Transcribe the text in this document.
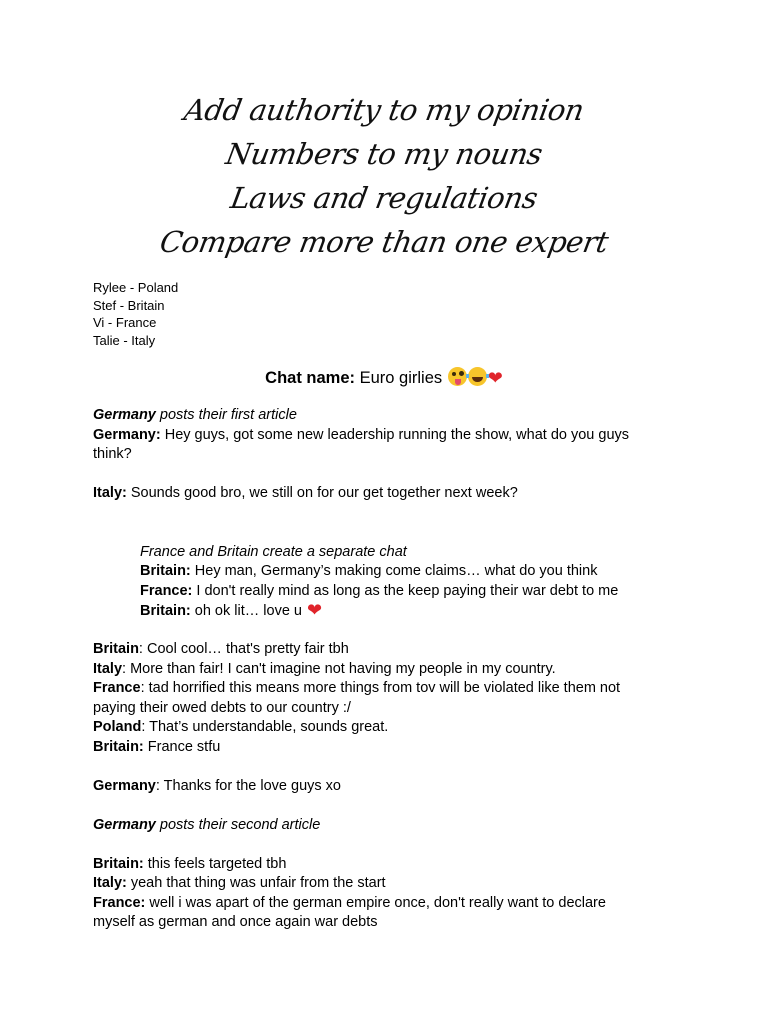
Add authority to my opinion
Numbers to my nouns
Laws and regulations
Compare more than one expert
Rylee - Poland
Stef - Britain
Vi - France
Talie - Italy
Chat name: Euro girlies	❤
Germany posts their first article
Germany: Hey guys, got some new leadership running the show, what do you guys
think?
Italy: Sounds good bro, we still on for our get together next week?
France and Britain create a separate chat
Britain: Hey man, Germany’s making come claims… what do you think
France: I don't really mind as long as the keep paying their war debt to me
Britain: oh ok lit… love u ❤
Britain: Cool cool… that's pretty fair tbh
Italy: More than fair! I can't imagine not having my people in my country.
France: tad horrified this means more things from tov will be violated like them not
paying their owed debts to our country :/
Poland: That’s understandable, sounds great.
Britain: France stfu
Germany: Thanks for the love guys xo
Germany posts their second article
Britain: this feels targeted tbh
Italy: yeah that thing was unfair from the start
France: well i was apart of the german empire once, don't really want to declare
myself as german and once again war debts
